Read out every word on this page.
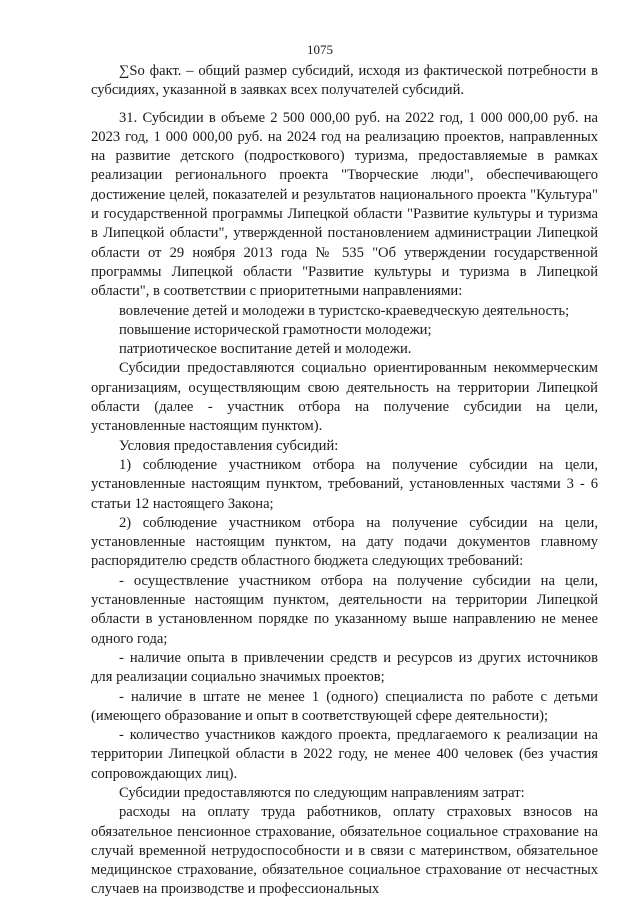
1075

∑So факт. – общий размер субсидий, исходя из фактической потребности в субсидиях, указанной в заявках всех получателей субсидий.

31. Субсидии в объеме 2 500 000,00 руб. на 2022 год, 1 000 000,00 руб. на 2023 год, 1 000 000,00 руб. на 2024 год на реализацию проектов, направленных на развитие детского (подросткового) туризма, предоставляемые в рамках реализации регионального проекта "Творческие люди", обеспечивающего достижение целей, показателей и результатов национального проекта "Культура" и государственной программы Липецкой области "Развитие культуры и туризма в Липецкой области", утвержденной постановлением администрации Липецкой области от 29 ноября 2013 года № 535 "Об утверждении государственной программы Липецкой области "Развитие культуры и туризма в Липецкой области", в соответствии с приоритетными направлениями:

вовлечение детей и молодежи в туристско-краеведческую деятельность;

повышение исторической грамотности молодежи;

патриотическое воспитание детей и молодежи.

Субсидии предоставляются социально ориентированным некоммерческим организациям, осуществляющим свою деятельность на территории Липецкой области (далее - участник отбора на получение субсидии на цели, установленные настоящим пунктом).

Условия предоставления субсидий:

1) соблюдение участником отбора на получение субсидии на цели, установленные настоящим пунктом, требований, установленных частями 3 - 6 статьи 12 настоящего Закона;

2) соблюдение участником отбора на получение субсидии на цели, установленные настоящим пунктом, на дату подачи документов главному распорядителю средств областного бюджета следующих требований:

- осуществление участником отбора на получение субсидии на цели, установленные настоящим пунктом, деятельности на территории Липецкой области в установленном порядке по указанному выше направлению не менее одного года;

- наличие опыта в привлечении средств и ресурсов из других источников для реализации социально значимых проектов;

- наличие в штате не менее 1 (одного) специалиста по работе с детьми (имеющего образование и опыт в соответствующей сфере деятельности);

- количество участников каждого проекта, предлагаемого к реализации на территории Липецкой области в 2022 году, не менее 400 человек (без участия сопровождающих лиц).

Субсидии предоставляются по следующим направлениям затрат:

расходы на оплату труда работников, оплату страховых взносов на обязательное пенсионное страхование, обязательное социальное страхование на случай временной нетрудоспособности и в связи с материнством, обязательное медицинское страхование, обязательное социальное страхование от несчастных случаев на производстве и профессиональных
